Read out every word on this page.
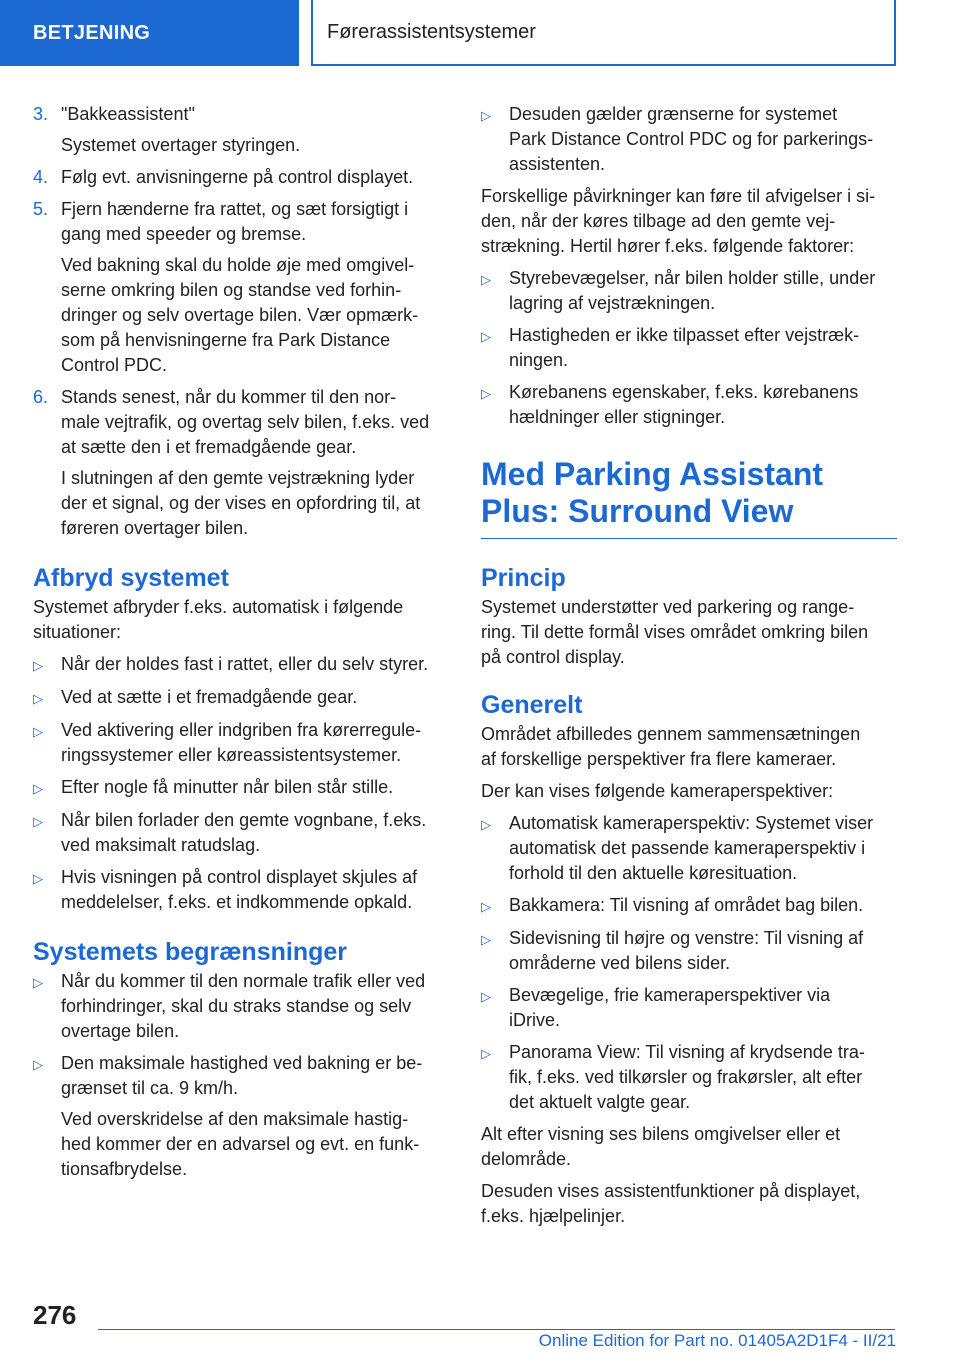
BETJENING	Førerassistentsystemer
3. "Bakkeassistent"
Systemet overtager styringen.
4. Følg evt. anvisningerne på control displayet.
5. Fjern hænderne fra rattet, og sæt forsigtigt i
gang med speeder og bremse.
Ved bakning skal du holde øje med omgivel-
serne omkring bilen og standse ved forhin-
dringer og selv overtage bilen. Vær opmærk-
som på henvisningerne fra Park Distance
Control PDC.
6. Stands senest, når du kommer til den nor-
male vejtrafik, og overtag selv bilen, f.eks. ved
at sætte den i et fremadgående gear.
I slutningen af den gemte vejstrækning lyder
der et signal, og der vises en opfordring til, at
føreren overtager bilen.
Afbryd systemet
Systemet afbryder f.eks. automatisk i følgende
situationer:
▷	Når der holdes fast i rattet, eller du selv styrer.
▷	Ved at sætte i et fremadgående gear.
▷	Ved aktivering eller indgriben fra kørerregule-
ringssystemer eller køreassistentsystemer.
▷	Efter nogle få minutter når bilen står stille.
▷	Når bilen forlader den gemte vognbane, f.eks.
ved maksimalt ratudslag.
▷	Hvis visningen på control displayet skjules af
meddelelser, f.eks. et indkommende opkald.
Systemets begrænsninger
▷	Når du kommer til den normale trafik eller ved
forhindringer, skal du straks standse og selv
overtage bilen.
▷	Den maksimale hastighed ved bakning er be-
grænset til ca. 9 km/h.
Ved overskridelse af den maksimale hastig-
hed kommer der en advarsel og evt. en funk-
tionsafbrydelse.
▷	Desuden gælder grænserne for systemet
Park Distance Control PDC og for parkerings-
assistenten.
Forskellige påvirkninger kan føre til afvigelser i si-
den, når der køres tilbage ad den gemte vej-
strækning. Hertil hører f.eks. følgende faktorer:
▷	Styrebevægelser, når bilen holder stille, under
lagring af vejstrækningen.
▷	Hastigheden er ikke tilpasset efter vejstræk-
ningen.
▷	Kørebanens egenskaber, f.eks. kørebanens
hældninger eller stigninger.
Med Parking Assistant
Plus: Surround View
Princip
Systemet understøtter ved parkering og range-
ring. Til dette formål vises området omkring bilen
på control display.
Generelt
Området afbilledes gennem sammensætningen
af forskellige perspektiver fra flere kameraer.
Der kan vises følgende kameraperspektiver:
▷	Automatisk kameraperspektiv: Systemet viser
automatisk det passende kameraperspektiv i
forhold til den aktuelle køresituation.
▷	Bakkamera: Til visning af området bag bilen.
▷	Sidevisning til højre og venstre: Til visning af
områderne ved bilens sider.
▷	Bevægelige, frie kameraperspektiver via
iDrive.
▷	Panorama View: Til visning af krydsende tra-
fik, f.eks. ved tilkørsler og frakørsler, alt efter
det aktuelt valgte gear.
Alt efter visning ses bilens omgivelser eller et
delområde.
Desuden vises assistentfunktioner på displayet,
f.eks. hjælpelinjer.
276
Online Edition for Part no. 01405A2D1F4 - II/21
